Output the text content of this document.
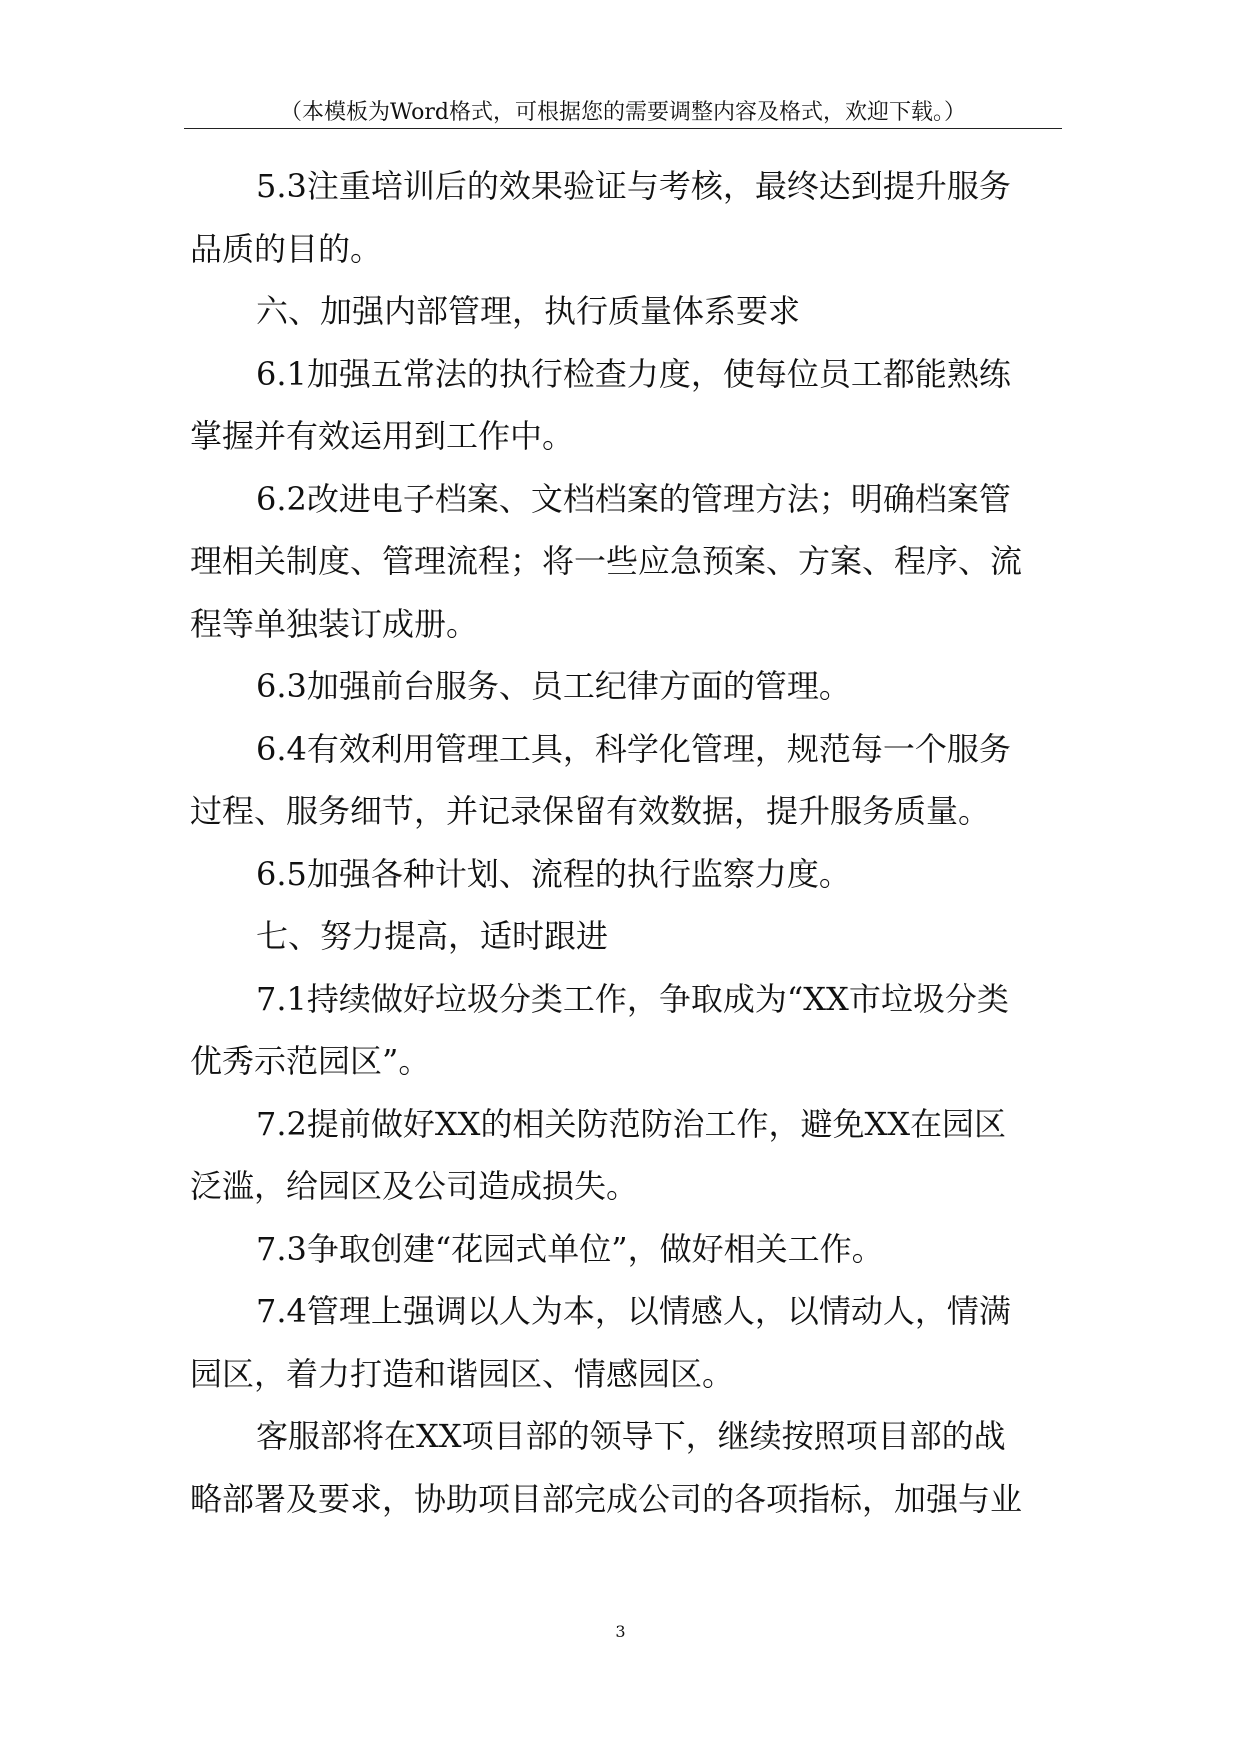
（本模板为Word格式，可根据您的需要调整内容及格式，欢迎下载。）
5.3注重培训后的效果验证与考核，最终达到提升服务
品质的目的。
六、加强内部管理，执行质量体系要求
6.1加强五常法的执行检查力度，使每位员工都能熟练
掌握并有效运用到工作中。
6.2改进电子档案、文档档案的管理方法；明确档案管
理相关制度、管理流程；将一些应急预案、方案、程序、流
程等单独装订成册。
6.3加强前台服务、员工纪律方面的管理。
6.4有效利用管理工具，科学化管理，规范每一个服务
过程、服务细节，并记录保留有效数据，提升服务质量。
6.5加强各种计划、流程的执行监察力度。
七、努力提高，适时跟进
7.1持续做好垃圾分类工作，争取成为“XX市垃圾分类
优秀示范园区”。
7.2提前做好XX的相关防范防治工作，避免XX在园区
泛滥，给园区及公司造成损失。
7.3争取创建“花园式单位”，做好相关工作。
7.4管理上强调以人为本，以情感人，以情动人，情满
园区，着力打造和谐园区、情感园区。
客服部将在XX项目部的领导下，继续按照项目部的战
略部署及要求，协助项目部完成公司的各项指标，加强与业
3
